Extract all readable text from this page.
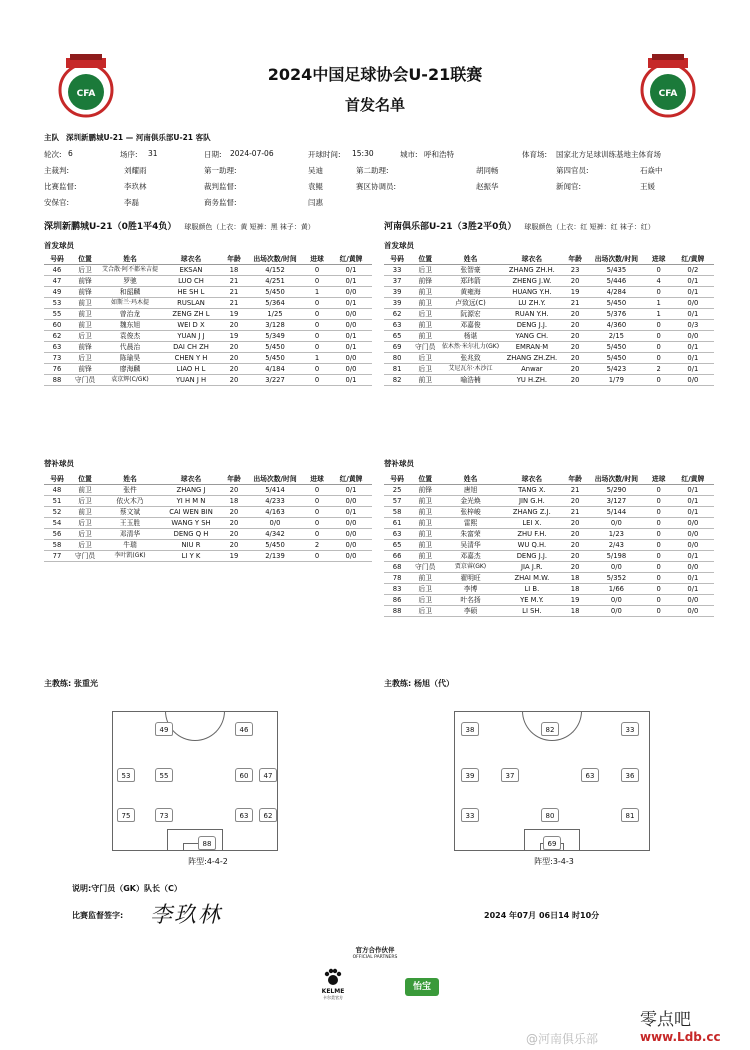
CFA	CFA
2024中国足球协会U-21联赛
首发名单
主队 深圳新鹏城U-21 — 河南俱乐部U-21 客队
轮次: 6	场序: 31	日期: 2024-07-06	开球时间: 15:30	城市: 呼和浩特	体育场: 国家北方足球训练基地主体育场
主裁判:	刘耀雨	第一助理:	吴迪	第二助理:	胡同畅	第四官员:	石焱中
比赛监督:	李玖林	裁判监督:	袁鲲	赛区协调员:	赵振华	新闻官:	王媛
安保官:	李磊	商务监督:	闫惠
深圳新鹏城U-21（0胜1平4负） 球服颜色（上衣：黄 短裤：黑 袜子：黄）	河南俱乐部U-21（3胜2平0负） 球服颜色（上衣：红 短裤：红 袜子：红）
首发球员	首发球员
号码	位置	姓名	球衣名	年龄	出场次数/时间	进球	红/黄牌
46	后卫	艾合散·阿不都米吉提	EKSAN	18	4/152	0	0/1
47	前锋	罗驰	LUO CH	21	4/251	0	0/1
49	前锋	和韶麟	HE SH L	21	5/450	1	0/0
53	前卫	如斯兰·玛木提	RUSLAN	21	5/364	0	0/1
55	前卫	曾治龙	ZENG ZH L	19	1/25	0	0/0
60	前卫	魏东旭	WEI D X	20	3/128	0	0/0
62	后卫	袁俊杰	YUAN J J	19	5/349	0	0/1
63	前锋	代晨治	DAI CH ZH	20	5/450	0	0/1
73	后卫	陈瑜昊	CHEN Y H	20	5/450	1	0/0
76	前锋	廖海麟	LIAO H L	20	4/184	0	0/0
88	守门员	袁京辉(C/GK)	YUAN J H	20	3/227	0	0/1
号码	位置	姓名	球衣名	年龄	出场次数/时间	进球	红/黄牌
33	后卫	张智豪	ZHANG ZH.H.	23	5/435	0	0/2
37	前锋	郑玮箭	ZHENG J.W.	20	5/446	4	0/1
39	前卫	黄雍海	HUANG Y.H.	19	4/284	0	0/1
39	前卫	卢致远(C)	LU ZH.Y.	21	5/450	1	0/0
62	后卫	阮源宏	RUAN Y.H.	20	5/376	1	0/1
63	前卫	邓嘉俊	DENG J.J.	20	4/360	0	0/3
65	前卫	杨谌	YANG CH.	20	2/15	0	0/0
69	守门员	依木然·米尔扎力(GK)	EMRAN·M	20	5/450	0	0/1
80	后卫	张兆致	ZHANG ZH.ZH.	20	5/450	0	0/1
81	后卫	艾尼瓦尔·木沙江	Anwar	20	5/423	2	0/1
82	前卫	喻浩楠	YU H.ZH.	20	1/79	0	0/0
替补球员	替补球员
号码	位置	姓名	球衣名	年龄	出场次数/时间	进球	红/黄牌
48	前卫	张件	ZHANG J	20	5/414	0	0/1
51	后卫	依火木乃	YI H M N	18	4/233	0	0/0
52	前卫	蔡文斌	CAI WEN BIN	20	4/163	0	0/1
54	后卫	王玉胜	WANG Y SH	20	0/0	0	0/0
56	后卫	邓清华	DENG Q H	20	4/342	0	0/0
58	后卫	牛瑞	NIU R	20	5/450	2	0/0
77	守门员	李叶凯(GK)	LI Y K	19	2/139	0	0/0
号码	位置	姓名	球衣名	年龄	出场次数/时间	进球	红/黄牌
25	前锋	唐旭	TANG X.	21	5/290	0	0/1
57	前卫	金光焕	JIN G.H.	20	3/127	0	0/1
58	前卫	张梓峻	ZHANG Z.J.	21	5/144	0	0/1
61	前卫	雷熙	LEI X.	20	0/0	0	0/0
63	前卫	朱富荣	ZHU F.H.	20	1/23	0	0/0
65	前卫	吴清华	WU Q.H.	20	2/43	0	0/0
66	前卫	邓嘉杰	DENG J.J.	20	5/198	0	0/1
68	守门员	贾京睿(GK)	JIA J.R.	20	0/0	0	0/0
78	前卫	翟明旺	ZHAI M.W.	18	5/352	0	0/1
83	后卫	李博	LI B.	18	1/66	0	0/1
86	后卫	叶名扬	YE M.Y.	19	0/0	0	0/0
88	后卫	李硕	LI SH.	18	0/0	0	0/0
主教练: 张重光	主教练: 杨旭（代）
49	46
53	55	60	47
75	73	63	62
88
阵型:4-4-2
38	82	33
39	37	63	36
33	80	81
69
阵型:3-4-3
说明:守门员（GK）队长（C）
比赛监督签字: 李玖林	2024 年07月 06日14 时10分
官方合作伙伴
OFFICIAL PARTNERS
KELME
卡尔美官方
怡宝
零点吧
@河南俱乐部	www.Ldb.cc
